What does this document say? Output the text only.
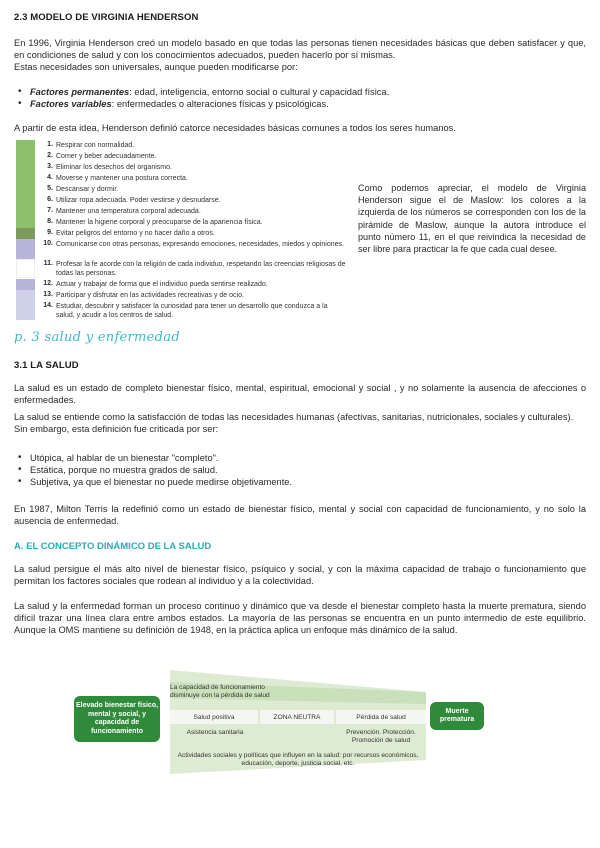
2.3 MODELO DE VIRGINIA HENDERSON
En 1996, Virginia Henderson creó un modelo basado en que todas las personas tienen necesidades básicas que deben satisfacer y que, en condiciones de salud y con los conocimientos adecuados, pueden hacerlo por sí mismas.
Estas necesidades son universales, aunque pueden modificarse por:
• Factores permanentes: edad, inteligencia, entorno social o cultural y capacidad física.
• Factores variables: enfermedades o alteraciones físicas y psicológicas.
A partir de esta idea, Henderson definió catorce necesidades básicas comunes a todos los seres humanos.
1. Respirar con normalidad.
2. Comer y beber adecuadamente.
3. Eliminar los desechos del organismo.
4. Moverse y mantener una postura correcta.
5. Descansar y dormir.
6. Utilizar ropa adecuada. Poder vestirse y desnudarse.
7. Mantener una temperatura corporal adecuada.
8. Mantener la higiene corporal y preocuparse de la apariencia física.
9. Evitar peligros del entorno y no hacer daño a otros.
10. Comunicarse con otras personas, expresando emociones, necesidades, miedos y opiniones.
11. Profesar la fe acorde con la religión de cada individuo, respetando las creencias religiosas de todas las personas.
12. Actuar y trabajar de forma que el individuo pueda sentirse realizado.
13. Participar y disfrutar en las actividades recreativas y de ocio.
14. Estudiar, descubrir y satisfacer la curiosidad para tener un desarrollo que conduzca a la salud, y acudir a los centros de salud.
Como podemos apreciar, el modelo de Virginia Henderson sigue el de Maslow: los colores a la izquierda de los números se corresponden con los de la pirámide de Maslow, aunque la autora introduce el punto número 11, en el que reivindica la necesidad de ser libre para practicar la fe que cada cual desee.
p. 3 salud y enfermedad
3.1 LA SALUD
La salud es un estado de completo bienestar físico, mental, espiritual, emocional y social , y no solamente la ausencia de afecciones o enfermedades.
La salud se entiende como la satisfacción de todas las necesidades humanas (afectivas, sanitarias, nutricionales, sociales y culturales).
Sin embargo, esta definición fue criticada por ser:
• Utópica, al hablar de un bienestar "completo".
• Estática, porque no muestra grados de salud.
• Subjetiva, ya que el bienestar no puede medirse objetivamente.
En 1987, Milton Terris la redefinió como un estado de bienestar físico, mental y social con capacidad de funcionamiento, y no solo la ausencia de enfermedad.
A. EL CONCEPTO DINÁMICO DE LA SALUD
La salud persigue el más alto nivel de bienestar físico, psíquico y social, y con la máxima capacidad de trabajo o funcionamiento que permitan los factores sociales que rodean al individuo y a la colectividad.
La salud y la enfermedad forman un proceso continuo y dinámico que va desde el bienestar completo hasta la muerte prematura, siendo difícil trazar una línea clara entre ambos estados. La mayoría de las personas se encuentra en un punto intermedio de este equilibrio. Aunque la OMS mantiene su definición de 1948, en la práctica aplica un enfoque más dinámico de la salud.
Elevado bienestar físico, mental y social, y capacidad de funcionamiento
Muerte prematura
La capacidad de funcionamiento disminuye con la pérdida de salud
Salud positiva	ZONA NEUTRA	Pérdida de salud
Asistencia sanitaria	Prevención. Protección. Promoción de salud
Actividades sociales y políticas que influyen en la salud: por recursos económicos, educación, deporte, justicia social, etc.
